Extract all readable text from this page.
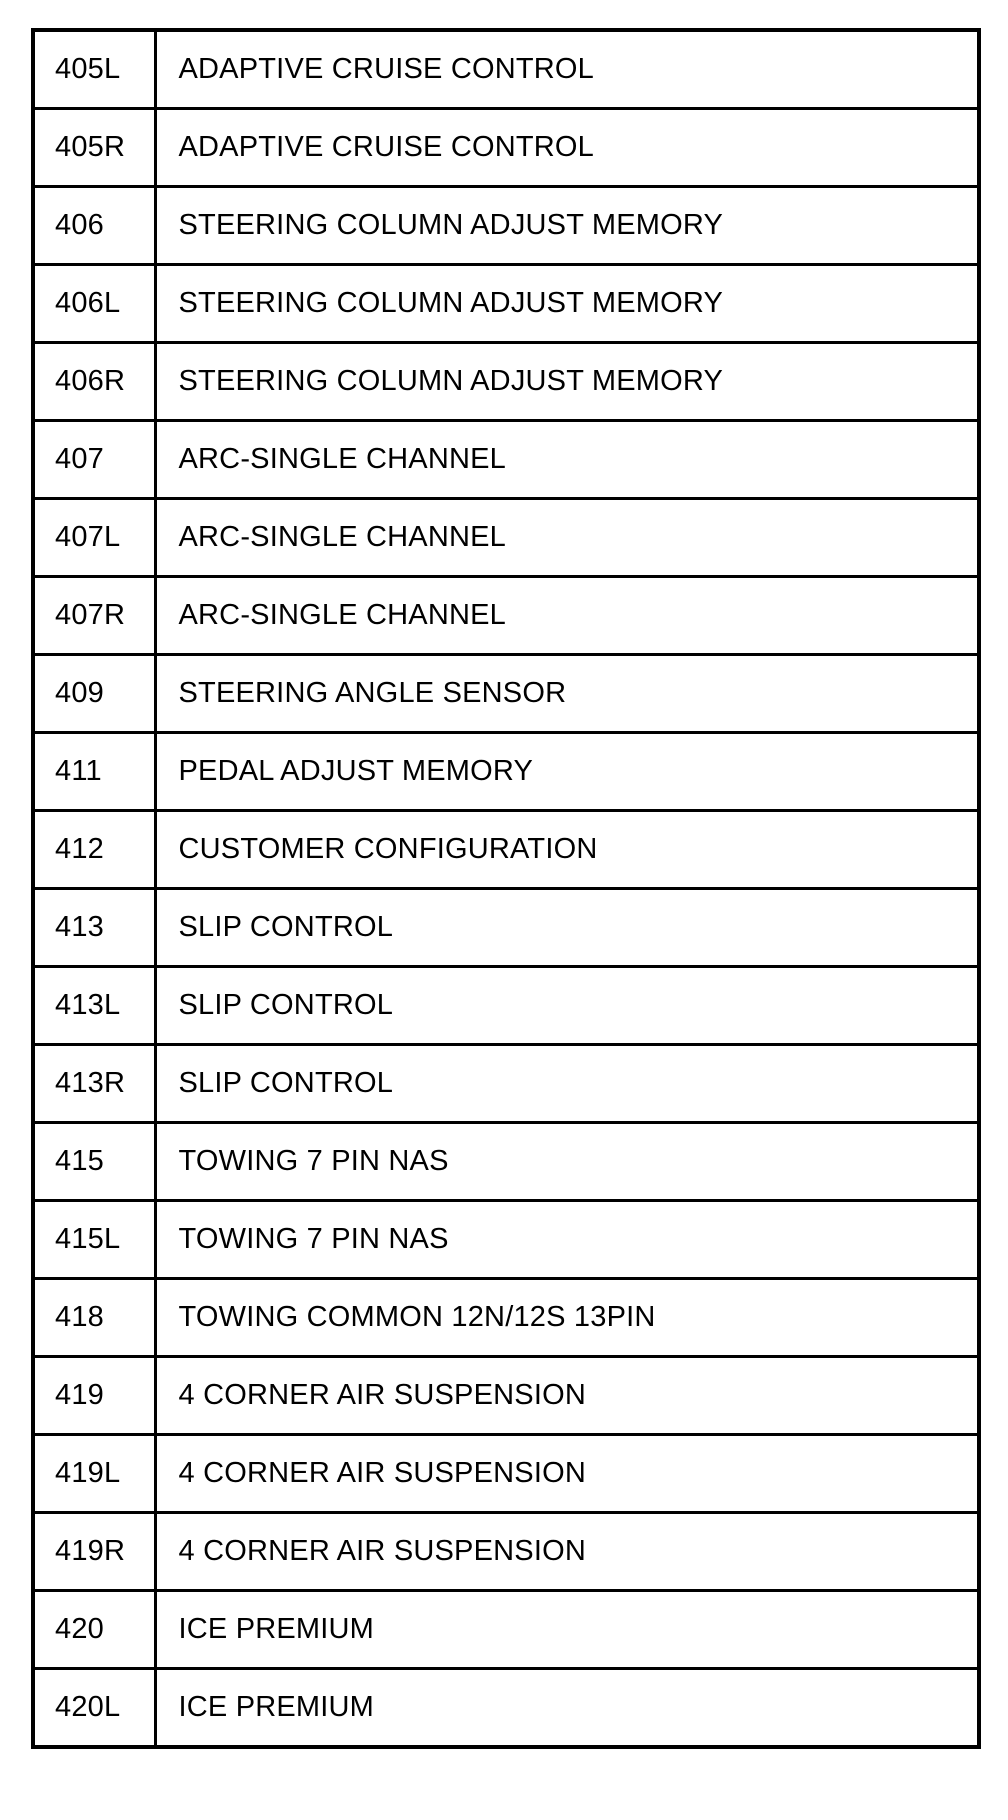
405L	ADAPTIVE CRUISE CONTROL
405R	ADAPTIVE CRUISE CONTROL
406	STEERING COLUMN ADJUST MEMORY
406L	STEERING COLUMN ADJUST MEMORY
406R	STEERING COLUMN ADJUST MEMORY
407	ARC-SINGLE CHANNEL
407L	ARC-SINGLE CHANNEL
407R	ARC-SINGLE CHANNEL
409	STEERING ANGLE SENSOR
411	PEDAL ADJUST MEMORY
412	CUSTOMER CONFIGURATION
413	SLIP CONTROL
413L	SLIP CONTROL
413R	SLIP CONTROL
415	TOWING 7 PIN NAS
415L	TOWING 7 PIN NAS
418	TOWING COMMON 12N/12S 13PIN
419	4 CORNER AIR SUSPENSION
419L	4 CORNER AIR SUSPENSION
419R	4 CORNER AIR SUSPENSION
420	ICE PREMIUM
420L	ICE PREMIUM
